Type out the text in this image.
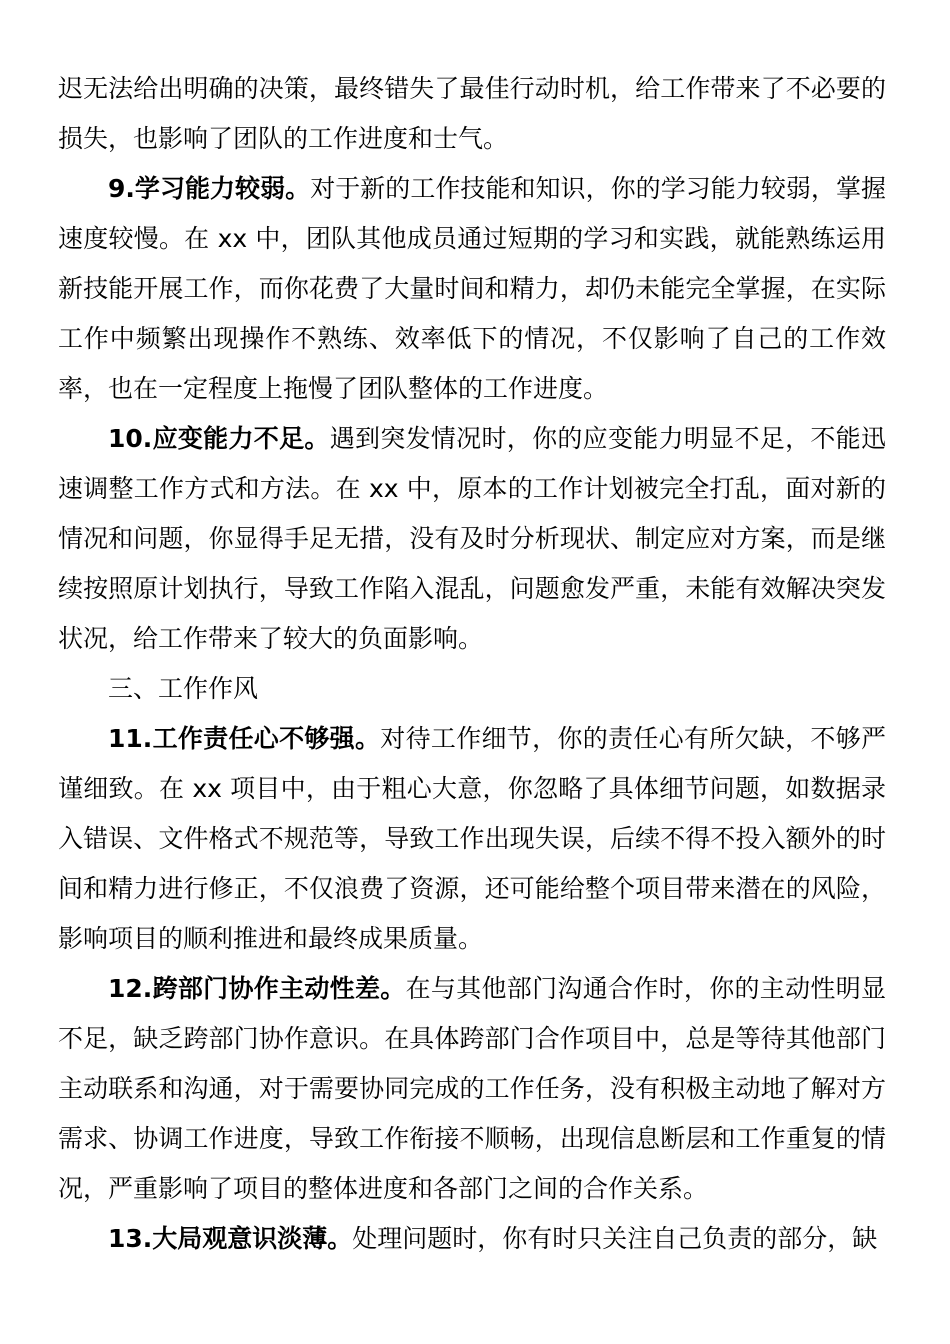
迟无法给出明确的决策，最终错失了最佳行动时机，给工作带来了不必要的损失，也影响了团队的工作进度和士气。

9.学习能力较弱。对于新的工作技能和知识，你的学习能力较弱，掌握速度较慢。在 xx 中，团队其他成员通过短期的学习和实践，就能熟练运用新技能开展工作，而你花费了大量时间和精力，却仍未能完全掌握，在实际工作中频繁出现操作不熟练、效率低下的情况，不仅影响了自己的工作效率，也在一定程度上拖慢了团队整体的工作进度。

10.应变能力不足。遇到突发情况时，你的应变能力明显不足，不能迅速调整工作方式和方法。在 xx 中，原本的工作计划被完全打乱，面对新的情况和问题，你显得手足无措，没有及时分析现状、制定应对方案，而是继续按照原计划执行，导致工作陷入混乱，问题愈发严重，未能有效解决突发状况，给工作带来了较大的负面影响。

三、工作作风

11.工作责任心不够强。对待工作细节，你的责任心有所欠缺，不够严谨细致。在 xx 项目中，由于粗心大意，你忽略了具体细节问题，如数据录入错误、文件格式不规范等，导致工作出现失误，后续不得不投入额外的时间和精力进行修正，不仅浪费了资源，还可能给整个项目带来潜在的风险，影响项目的顺利推进和最终成果质量。

12.跨部门协作主动性差。在与其他部门沟通合作时，你的主动性明显不足，缺乏跨部门协作意识。在具体跨部门合作项目中，总是等待其他部门主动联系和沟通，对于需要协同完成的工作任务，没有积极主动地了解对方需求、协调工作进度，导致工作衔接不顺畅，出现信息断层和工作重复的情况，严重影响了项目的整体进度和各部门之间的合作关系。

13.大局观意识淡薄。处理问题时，你有时只关注自己负责的部分，缺
